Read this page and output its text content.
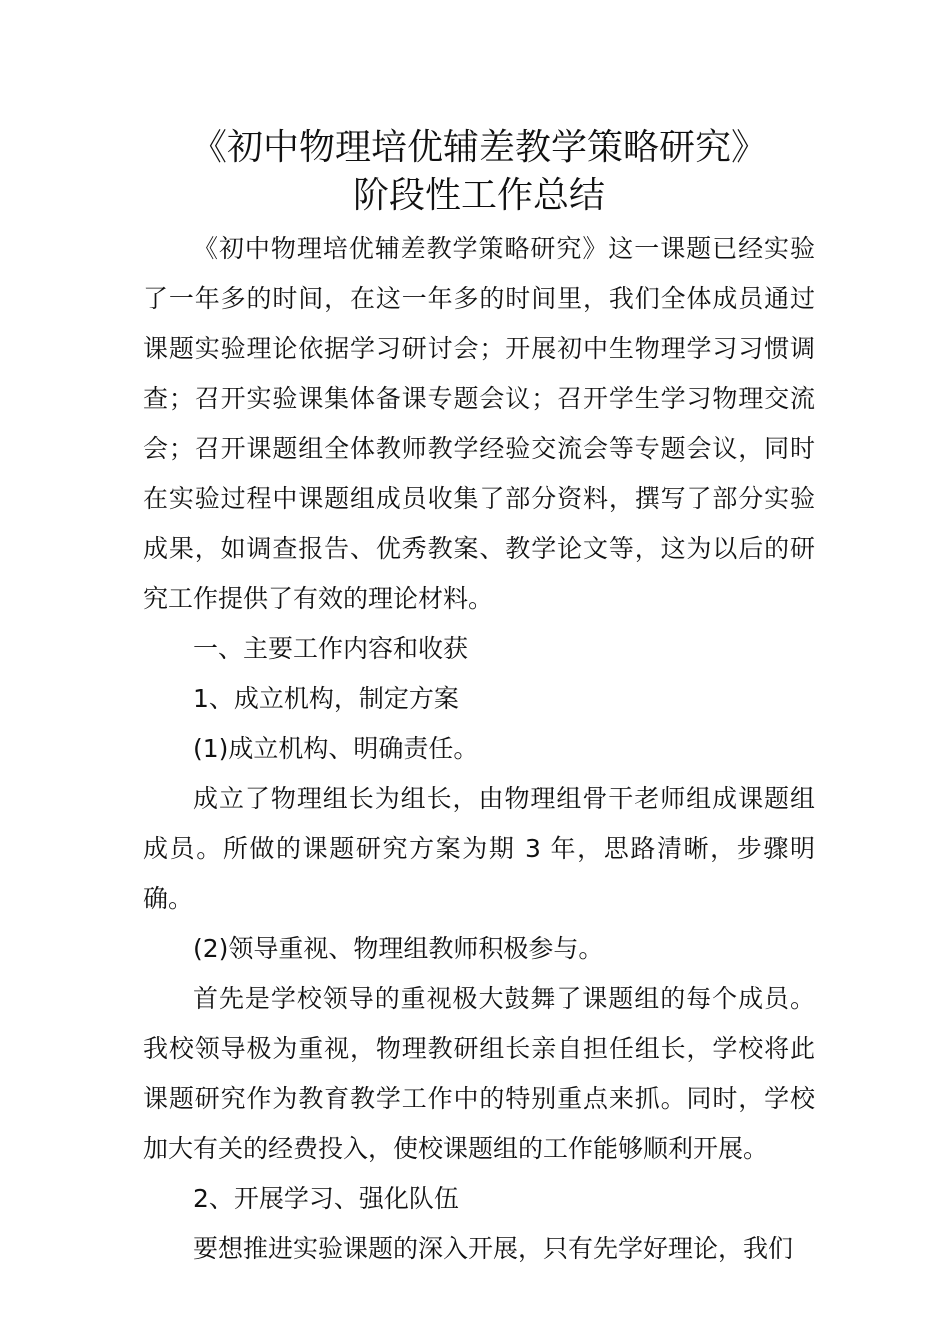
《初中物理培优辅差教学策略研究》
阶段性工作总结

《初中物理培优辅差教学策略研究》这一课题已经实验了一年多的时间，在这一年多的时间里，我们全体成员通过课题实验理论依据学习研讨会；开展初中生物理学习习惯调查；召开实验课集体备课专题会议；召开学生学习物理交流会；召开课题组全体教师教学经验交流会等专题会议，同时在实验过程中课题组成员收集了部分资料，撰写了部分实验成果，如调查报告、优秀教案、教学论文等，这为以后的研究工作提供了有效的理论材料。

一、主要工作内容和收获

1、成立机构，制定方案

(1)成立机构、明确责任。

成立了物理组长为组长，由物理组骨干老师组成课题组成员。所做的课题研究方案为期 3 年，思路清晰，步骤明确。

(2)领导重视、物理组教师积极参与。

首先是学校领导的重视极大鼓舞了课题组的每个成员。我校领导极为重视，物理教研组长亲自担任组长，学校将此课题研究作为教育教学工作中的特别重点来抓。同时，学校加大有关的经费投入，使校课题组的工作能够顺利开展。

2、开展学习、强化队伍

要想推进实验课题的深入开展，只有先学好理论，我们
